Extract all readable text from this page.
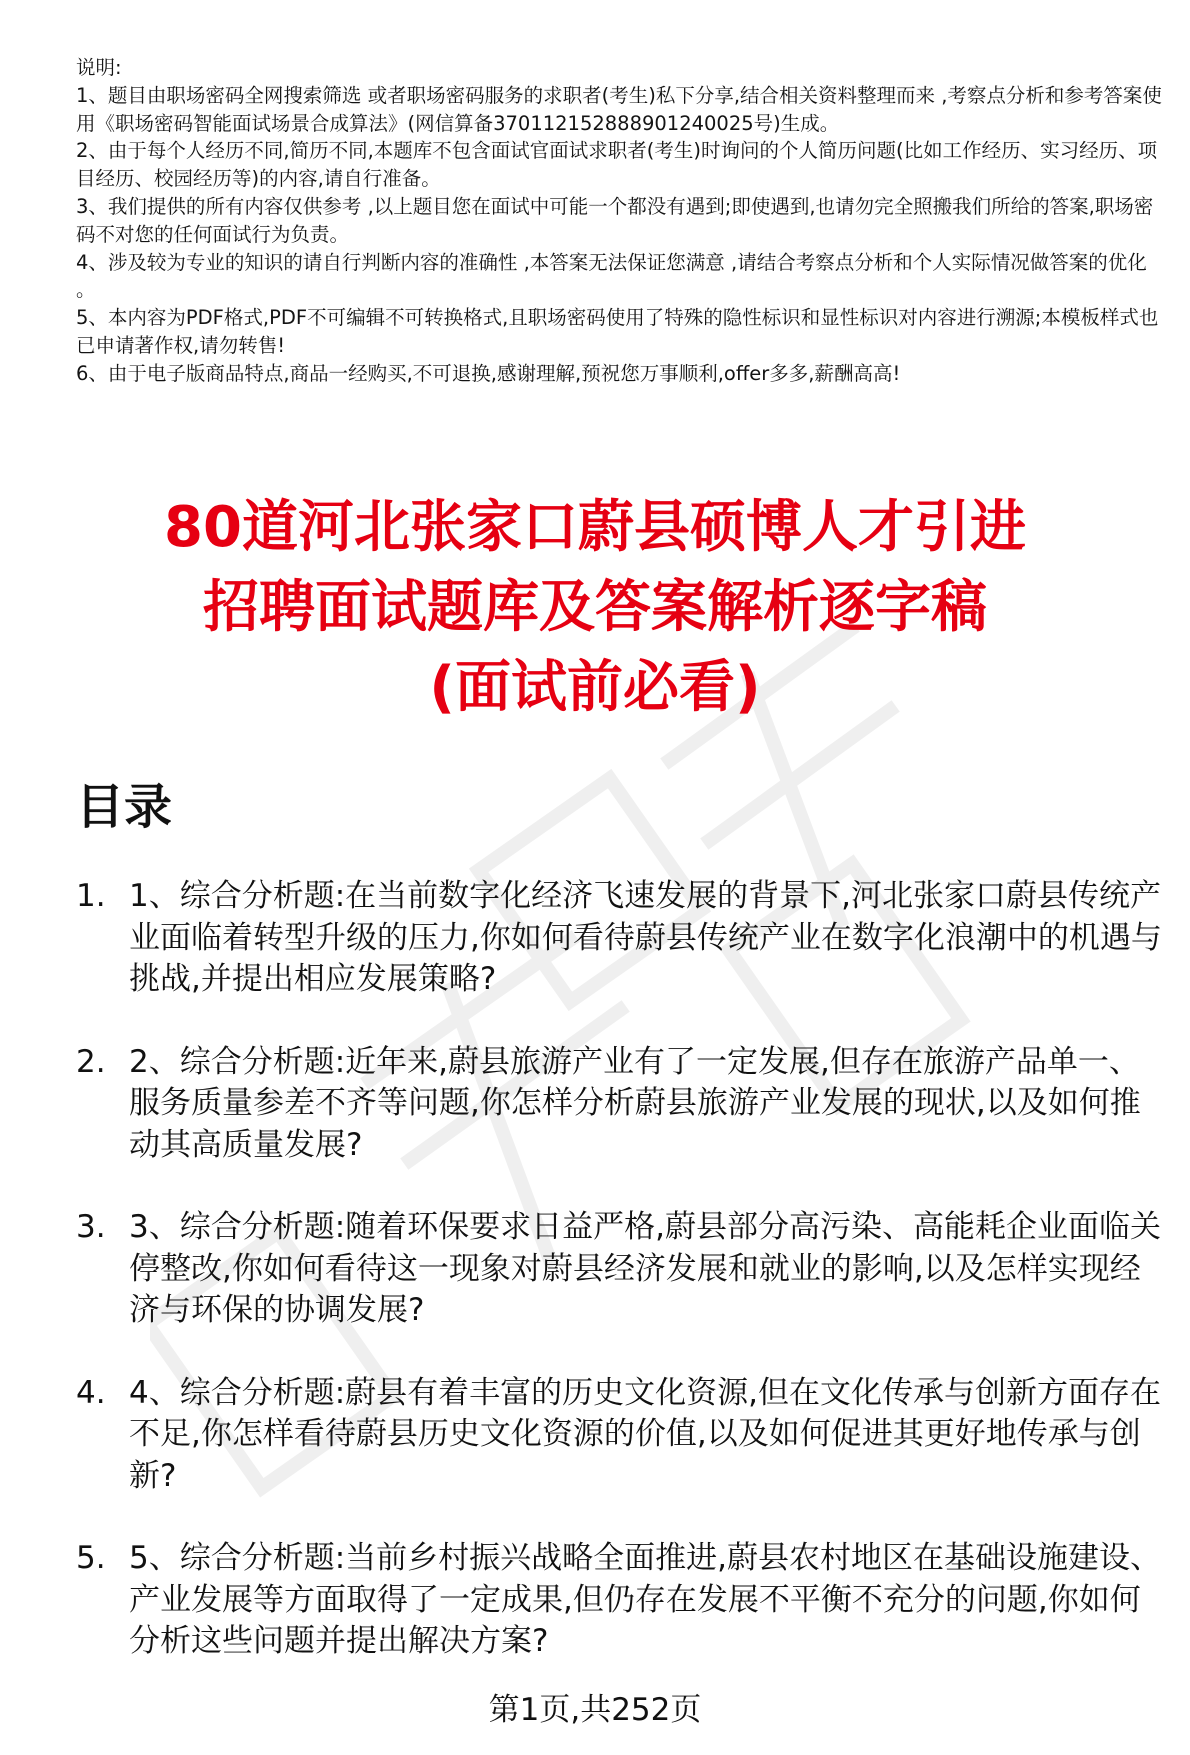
说明:

1、题目由职场密码全网搜索筛选 或者职场密码服务的求职者(考生)私下分享,结合相关资料整理而来 ,考察点分析和参考答案使用《职场密码智能面试场景合成算法》(网信算备370112152888901240025号)生成。

2、由于每个人经历不同,简历不同,本题库不包含面试官面试求职者(考生)时询问的个人简历问题(比如工作经历、实习经历、项目经历、校园经历等)的内容,请自行准备。

3、我们提供的所有内容仅供参考 ,以上题目您在面试中可能一个都没有遇到;即使遇到,也请勿完全照搬我们所给的答案,职场密码不对您的任何面试行为负责。

4、涉及较为专业的知识的请自行判断内容的准确性 ,本答案无法保证您满意 ,请结合考察点分析和个人实际情况做答案的优化 。

5、本内容为PDF格式,PDF不可编辑不可转换格式,且职场密码使用了特殊的隐性标识和显性标识对内容进行溯源;本模板样式也已申请著作权,请勿转售!

6、由于电子版商品特点,商品一经购买,不可退换,感谢理解,预祝您万事顺利,offer多多,薪酬高高!

80道河北张家口蔚县硕博人才引进

招聘面试题库及答案解析逐字稿

(面试前必看)

目录
1. 1、综合分析题:在当前数字化经济飞速发展的背景下,河北张家口蔚县传统产业面临着转型升级的压力,你如何看待蔚县传统产业在数字化浪潮中的机遇与挑战,并提出相应发展策略?
2. 2、综合分析题:近年来,蔚县旅游产业有了一定发展,但存在旅游产品单一、服务质量参差不齐等问题,你怎样分析蔚县旅游产业发展的现状,以及如何推动其高质量发展?
3. 3、综合分析题:随着环保要求日益严格,蔚县部分高污染、高能耗企业面临关停整改,你如何看待这一现象对蔚县经济发展和就业的影响,以及怎样实现经济与环保的协调发展?
4. 4、综合分析题:蔚县有着丰富的历史文化资源,但在文化传承与创新方面存在不足,你怎样看待蔚县历史文化资源的价值,以及如何促进其更好地传承与创新?
5. 5、综合分析题:当前乡村振兴战略全面推进,蔚县农村地区在基础设施建设、产业发展等方面取得了一定成果,但仍存在发展不平衡不充分的问题,你如何分析这些问题并提出解决方案?
第1页,共252页
